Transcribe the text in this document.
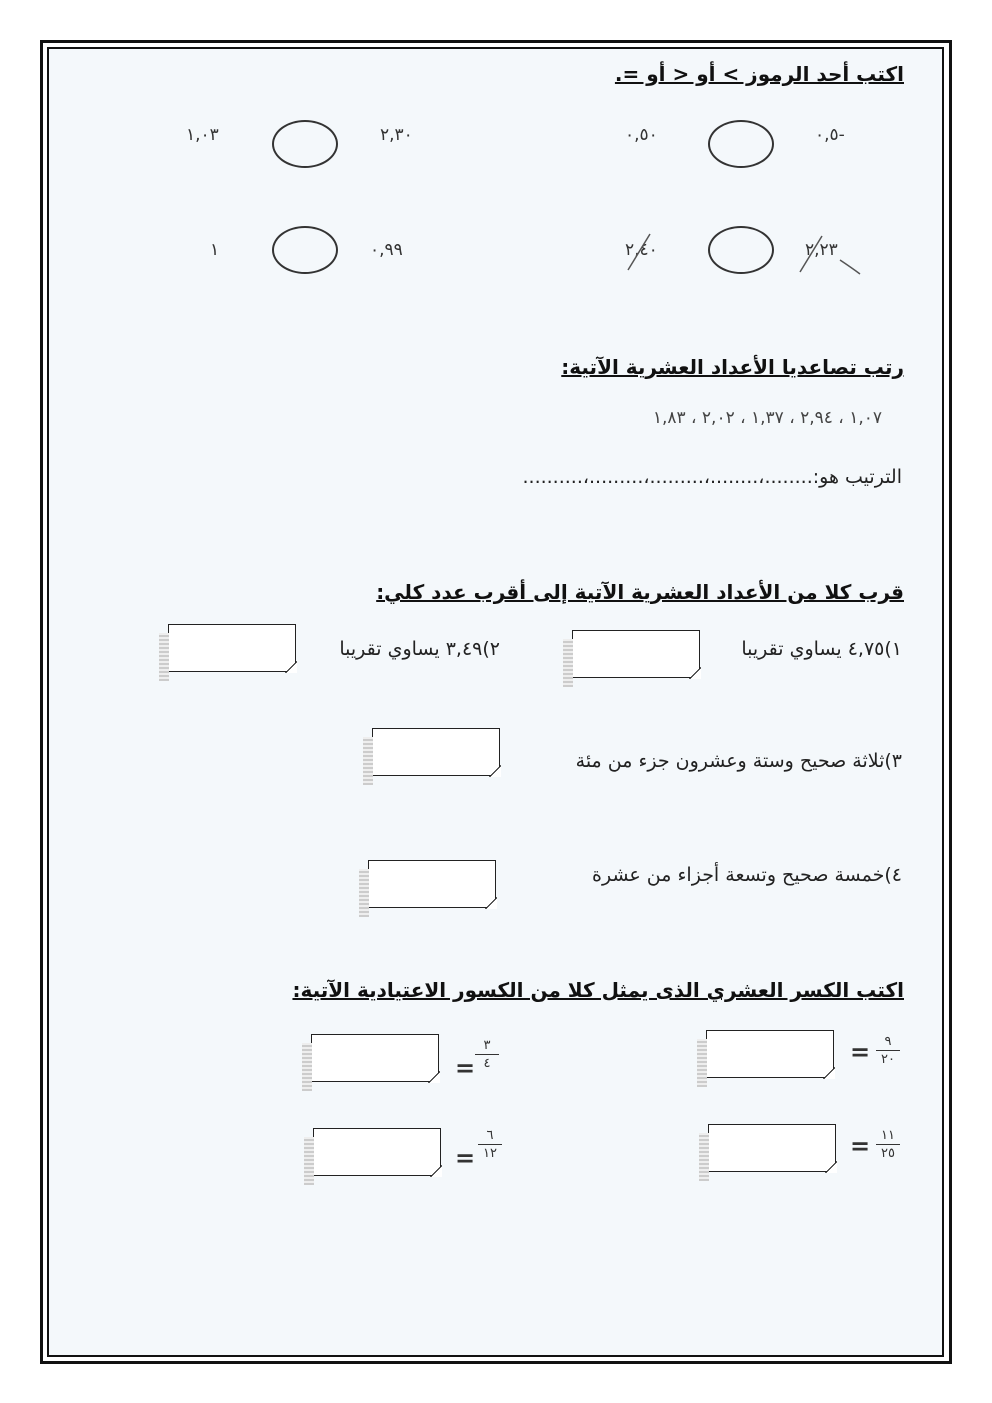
اكتب أحد الرموز > أو < أو =.
٢,٣٠
١,٠٣	٠,٥-
٠,٥٠
٠,٩٩
١	٢,٢٣
٢,٤٠
رتب تصاعديا الأعداد العشرية الآتية:
١,٠٧ ، ٢,٩٤ ، ١,٣٧ ، ٢,٠٢ ، ١,٨٣
الترتيب هو:........،........،.........،.........،..........
قرب كلا من الأعداد العشرية الآتية إلى أقرب عدد كلي:
١)٤,٧٥ يساوي تقريبا
٢)٣,٤٩ يساوي تقريبا
٣)ثلاثة صحيح وستة وعشرون جزء من مئة
٤)خمسة صحيح وتسعة أجزاء من عشرة
اكتب الكسر العشري الذى يمثل كلا من الكسور الاعتيادية الآتية:
٩
٢٠
=
٣
٤
=
١١
٢٥
=
٦
١٢
=
